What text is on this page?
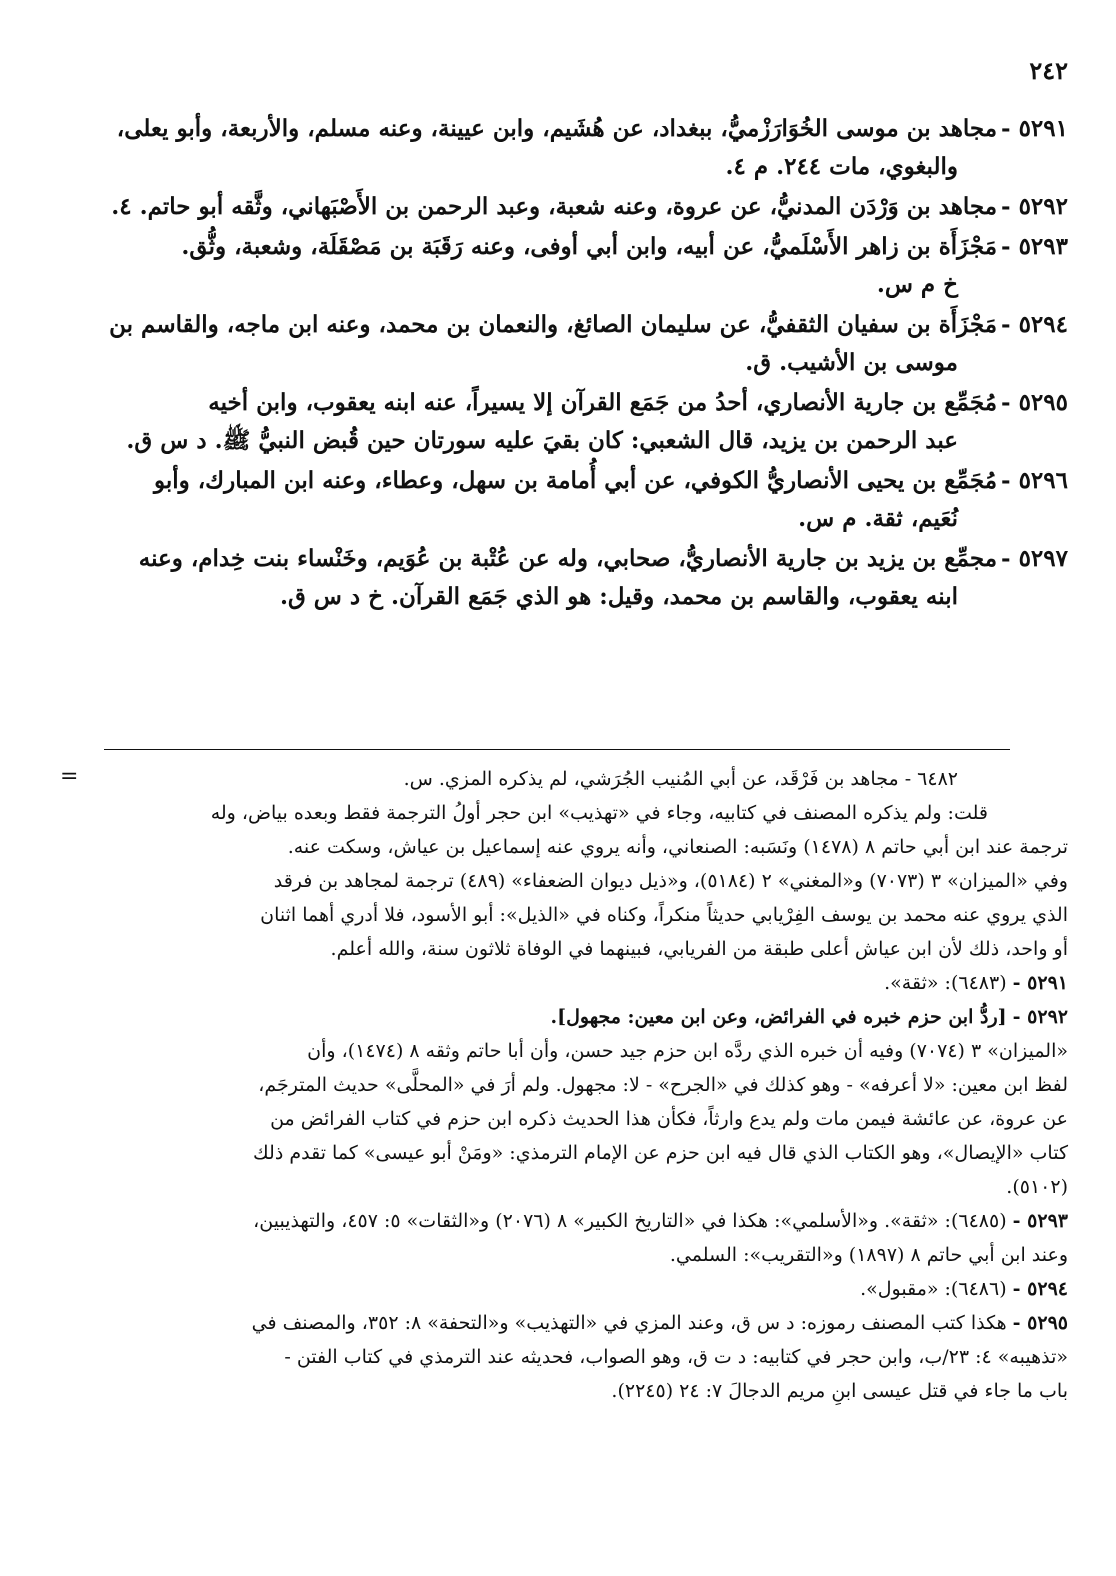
٢٤٢

٥٢٩١ -مجاهد بن موسى الخُوَارَزْميُّ، ببغداد، عن هُشَيم، وابن عيينة، وعنه مسلم، والأربعة، وأبو يعلى،

والبغوي، مات ٢٤٤. م ٤.

٥٢٩٢ -مجاهد بن وَرْدَن المدنيُّ، عن عروة، وعنه شعبة، وعبد الرحمن بن الأَصْبَهاني، وثَّقه أبو حاتم. ٤.

٥٢٩٣ -مَجْزَأَة بن زاهر الأَسْلَميُّ، عن أبيه، وابن أبي أوفى، وعنه رَقَبَة بن مَصْقَلَة، وشعبة، وثُّق.

خ م س.

٥٢٩٤ -مَجْزَأَة بن سفيان الثقفيُّ، عن سليمان الصائغ، والنعمان بن محمد، وعنه ابن ماجه، والقاسم بن

موسى بن الأشيب. ق.

٥٢٩٥ -مُجَمِّع بن جارية الأنصاري، أحدُ من جَمَع القرآن إلا يسيراً، عنه ابنه يعقوب، وابن أخيه

عبد الرحمن بن يزيد، قال الشعبي: كان بقيَ عليه سورتان حين قُبض النبيُّ ﷺ. د س ق.

٥٢٩٦ -مُجَمِّع بن يحيى الأنصاريُّ الكوفي، عن أبي أُمامة بن سهل، وعطاء، وعنه ابن المبارك، وأبو

نُعَيم، ثقة. م س.

٥٢٩٧ -مجمِّع بن يزيد بن جارية الأنصاريُّ، صحابي، وله عن عُتْبة بن عُوَيم، وخَنْساء بنت خِدام، وعنه

ابنه يعقوب، والقاسم بن محمد، وقيل: هو الذي جَمَع القرآن. خ د س ق.

=	٦٤٨٢ - مجاهد بن فَرْقَد، عن أبي المُنيب الجُرَشي، لم يذكره المزي. س.

قلت: ولم يذكره المصنف في كتابيه، وجاء في «تهذيب» ابن حجر أولُ الترجمة فقط وبعده بياض، وله

ترجمة عند ابن أبي حاتم ٨ (١٤٧٨) ونَسَبه: الصنعاني، وأنه يروي عنه إسماعيل بن عياش، وسكت عنه.

وفي «الميزان» ٣ (٧٠٧٣) و«المغني» ٢ (٥١٨٤)، و«ذيل ديوان الضعفاء» (٤٨٩) ترجمة لمجاهد بن فرقد

الذي يروي عنه محمد بن يوسف الفِرْيابي حديثاً منكراً، وكناه في «الذيل»: أبو الأسود، فلا أدري أهما اثنان

أو واحد، ذلك لأن ابن عياش أعلى طبقة من الفريابي، فبينهما في الوفاة ثلاثون سنة، والله أعلم.

٥٢٩١ - (٦٤٨٣): «ثقة».

٥٢٩٢ - [ردُّ ابن حزم خبره في الفرائض، وعن ابن معين: مجهول].

«الميزان» ٣ (٧٠٧٤) وفيه أن خبره الذي ردَّه ابن حزم جيد حسن، وأن أبا حاتم وثقه ٨ (١٤٧٤)، وأن

لفظ ابن معين: «لا أعرفه» - وهو كذلك في «الجرح» - لا: مجهول. ولم أرَ في «المحلَّى» حديث المترجَم،

عن عروة، عن عائشة فيمن مات ولم يدع وارثاً، فكأن هذا الحديث ذكره ابن حزم في كتاب الفرائض من

كتاب «الإيصال»، وهو الكتاب الذي قال فيه ابن حزم عن الإمام الترمذي: «ومَنْ أبو عيسى» كما تقدم ذلك

(٥١٠٢).

٥٢٩٣ - (٦٤٨٥): «ثقة». و«الأسلمي»: هكذا في «التاريخ الكبير» ٨ (٢٠٧٦) و«الثقات» ٥: ٤٥٧، والتهذيبين،

وعند ابن أبي حاتم ٨ (١٨٩٧) و«التقريب»: السلمي.

٥٢٩٤ - (٦٤٨٦): «مقبول».

٥٢٩٥ - هكذا كتب المصنف رموزه: د س ق، وعند المزي في «التهذيب» و«التحفة» ٨: ٣٥٢، والمصنف في

«تذهيبه» ٤: ٢٣/ب، وابن حجر في كتابيه: د ت ق، وهو الصواب، فحديثه عند الترمذي في كتاب الفتن -

باب ما جاء في قتل عيسى ابنِ مريم الدجالَ ٧: ٢٤ (٢٢٤٥).
